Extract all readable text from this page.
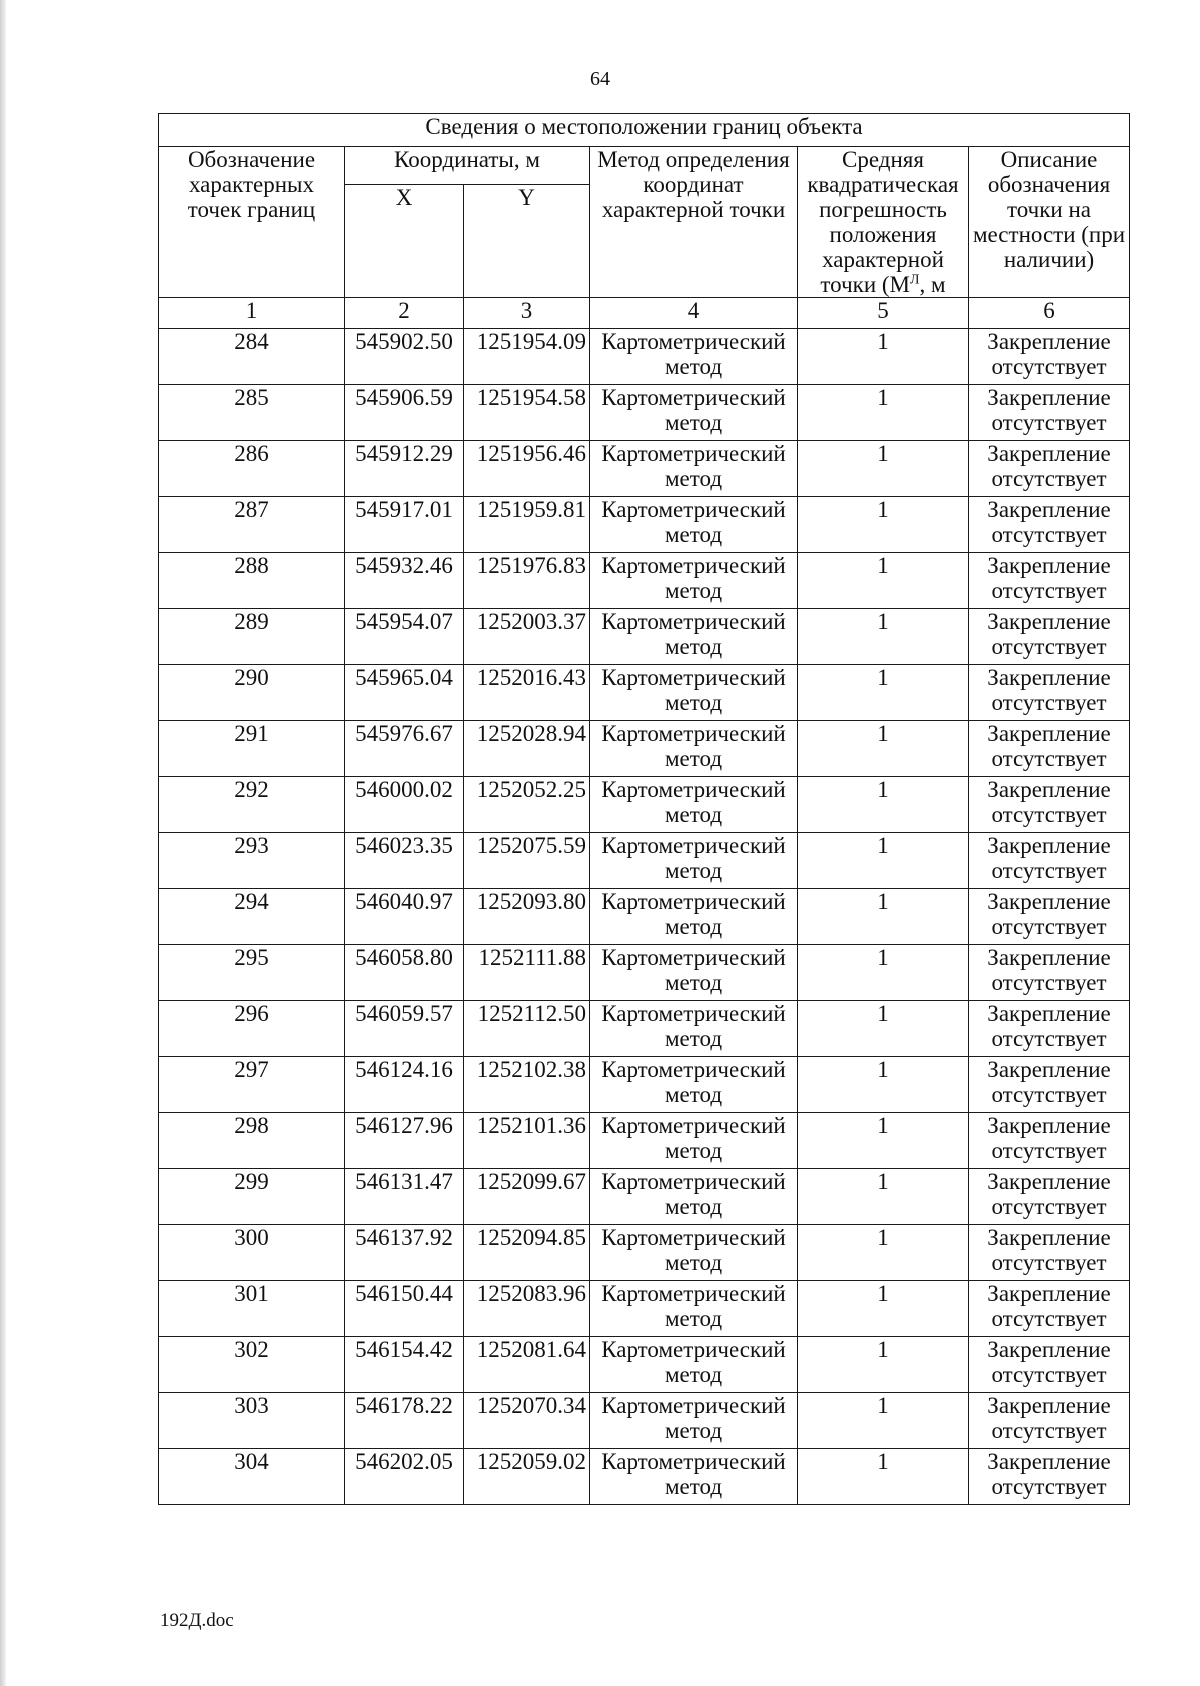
64
Сведения о местоположении границ объекта					
Обозначение характерных точек границ	Координаты, м		Метод определения координат характерной точки	Средняя квадратическая погрешность положения характерной точки ($M^Л$, м	Описание обозначения точки на местности (при наличии)
	X	Y			
1	2	3	4	5	6
284	545902.50	1251954.09	Картометрический метод	1	Закрепление отсутствует
285	545906.59	1251954.58	Картометрический метод	1	Закрепление отсутствует
286	545912.29	1251956.46	Картометрический метод	1	Закрепление отсутствует
287	545917.01	1251959.81	Картометрический метод	1	Закрепление отсутствует
288	545932.46	1251976.83	Картометрический метод	1	Закрепление отсутствует
289	545954.07	1252003.37	Картометрический метод	1	Закрепление отсутствует
290	545965.04	1252016.43	Картометрический метод	1	Закрепление отсутствует
291	545976.67	1252028.94	Картометрический метод	1	Закрепление отсутствует
292	546000.02	1252052.25	Картометрический метод	1	Закрепление отсутствует
293	546023.35	1252075.59	Картометрический метод	1	Закрепление отсутствует
294	546040.97	1252093.80	Картометрический метод	1	Закрепление отсутствует
295	546058.80	1252111.88	Картометрический метод	1	Закрепление отсутствует
296	546059.57	1252112.50	Картометрический метод	1	Закрепление отсутствует
297	546124.16	1252102.38	Картометрический метод	1	Закрепление отсутствует
298	546127.96	1252101.36	Картометрический метод	1	Закрепление отсутствует
299	546131.47	1252099.67	Картометрический метод	1	Закрепление отсутствует
300	546137.92	1252094.85	Картометрический метод	1	Закрепление отсутствует
301	546150.44	1252083.96	Картометрический метод	1	Закрепление отсутствует
302	546154.42	1252081.64	Картометрический метод	1	Закрепление отсутствует
303	546178.22	1252070.34	Картометрический метод	1	Закрепление отсутствует
304	546202.05	1252059.02	Картометрический метод	1	Закрепление отсутствует
192Д.doc
